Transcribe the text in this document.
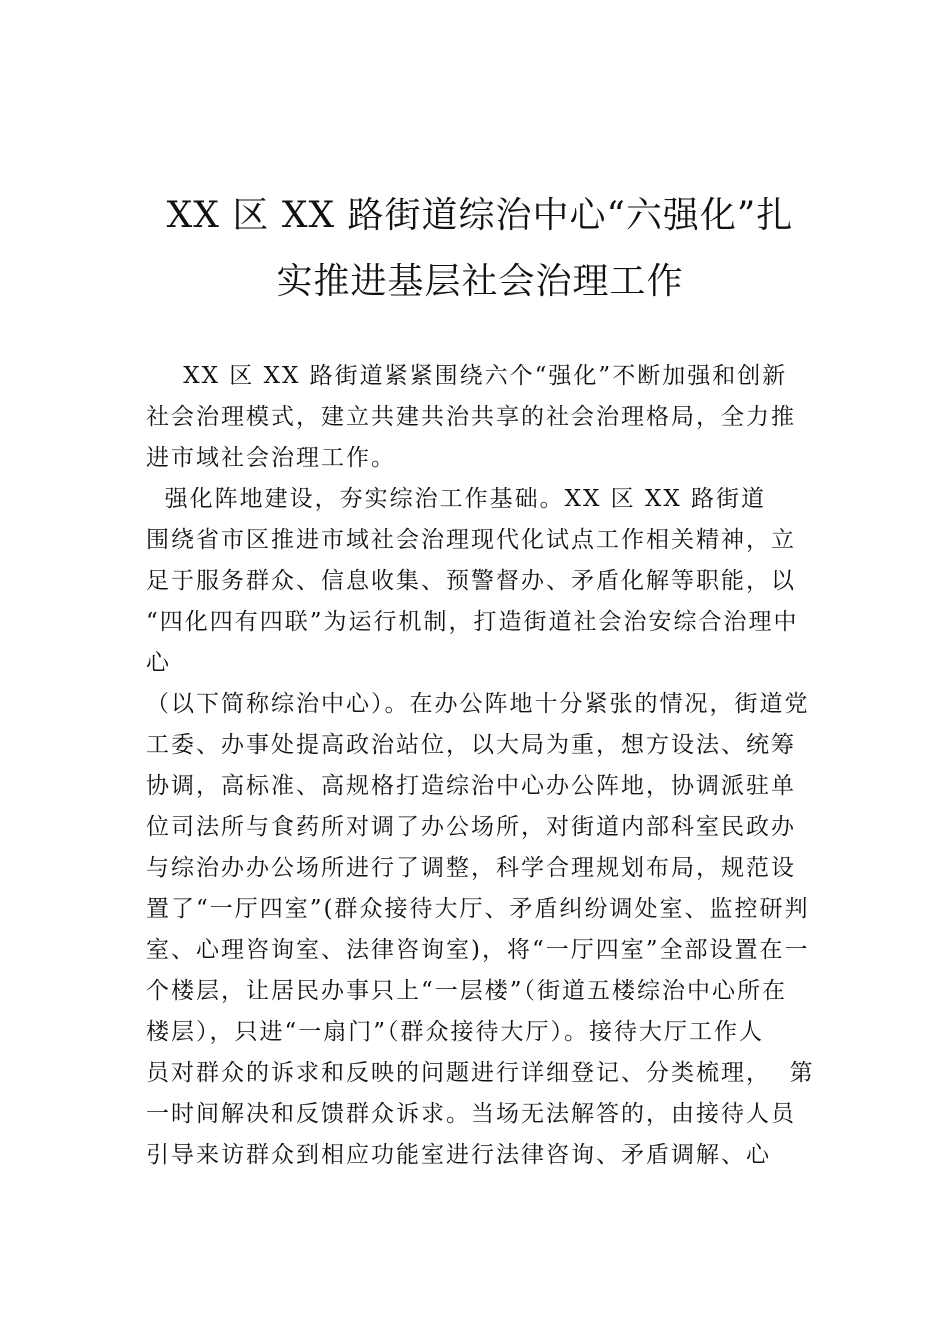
XX 区 XX 路街道综治中心“六强化”扎
实推进基层社会治理工作
XX 区 XX 路街道紧紧围绕六个“强化”不断加强和创新
社会治理模式，建立共建共治共享的社会治理格局，全力推
进市域社会治理工作。
强化阵地建设，夯实综治工作基础。XX 区 XX 路街道
围绕省市区推进市域社会治理现代化试点工作相关精神，立
足于服务群众、信息收集、预警督办、矛盾化解等职能，以
“四化四有四联”为运行机制，打造街道社会治安综合治理中
心
（以下简称综治中心）。在办公阵地十分紧张的情况，街道党
工委、办事处提高政治站位，以大局为重，想方设法、统筹
协调，高标准、高规格打造综治中心办公阵地，协调派驻单
位司法所与食药所对调了办公场所，对街道内部科室民政办
与综治办办公场所进行了调整，科学合理规划布局，规范设
置了“一厅四室”(群众接待大厅、矛盾纠纷调处室、监控研判
室、心理咨询室、法律咨询室)，将“一厅四室”全部设置在一
个楼层，让居民办事只上“一层楼”（街道五楼综治中心所在
楼层），只进“一扇门”（群众接待大厅）。接待大厅工作人
员对群众的诉求和反映的问题进行详细登记、分类梳理，  第
一时间解决和反馈群众诉求。当场无法解答的，由接待人员
引导来访群众到相应功能室进行法律咨询、矛盾调解、心
